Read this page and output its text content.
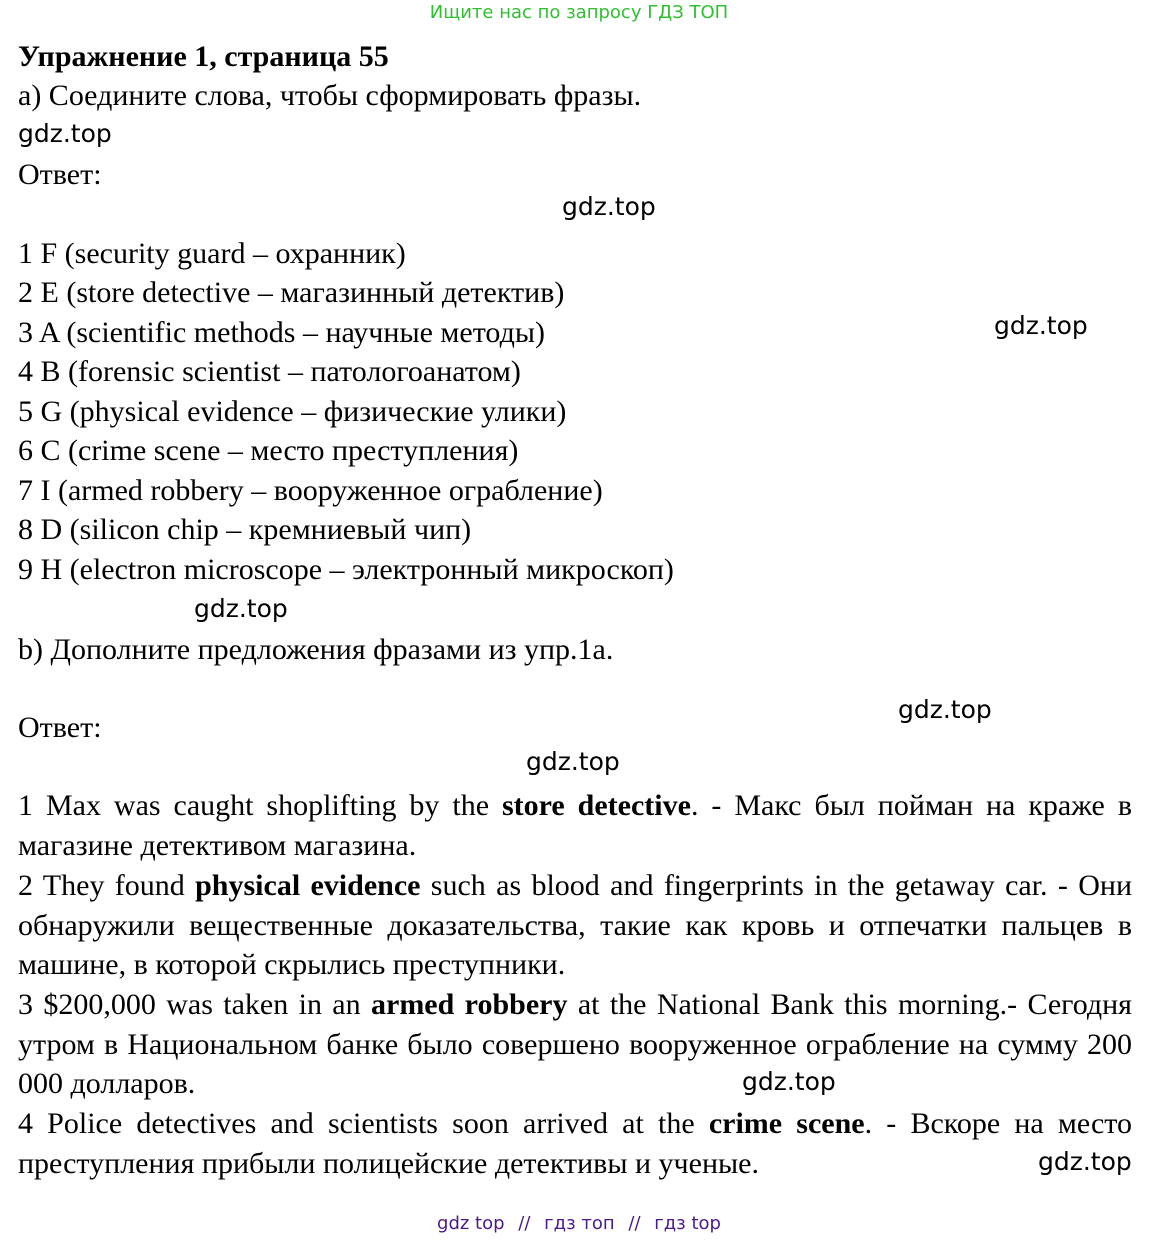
Ищите нас по запросу ГДЗ ТОП
Упражнение 1, страница 55
a) Соедините слова, чтобы сформировать фразы.
gdz.top
Ответ:
gdz.top
1 F (security guard – охранник)
2 E (store detective – магазинный детектив)
3 A (scientific methods – научные методы)	gdz.top
4 B (forensic scientist – патологоанатом)
5 G (physical evidence – физические улики)
6 C (crime scene – место преступления)
7 I (armed robbery – вооруженное ограбление)
8 D (silicon chip – кремниевый чип)
9 H (electron microscope – электронный микроскоп)
gdz.top
b) Дополните предложения фразами из упр.1а.
gdz.top
Ответ:
gdz.top
1 Max was caught shoplifting by the store detective. - Макс был пойман на краже в магазине детективом магазина.
2 They found physical evidence such as blood and fingerprints in the getaway car. - Они обнаружили вещественные доказательства, такие как кровь и отпечатки пальцев в машине, в которой скрылись преступники.
3 $200,000 was taken in an armed robbery at the National Bank this morning.- Сегодня утром в Национальном банке было совершено вооруженное ограбление на сумму 200 000 долларов.	gdz.top
4 Police detectives and scientists soon arrived at the crime scene. - Вскоре на место преступления прибыли полицейские детективы и ученые.	gdz.top
gdz top // гдз топ // гдз top
